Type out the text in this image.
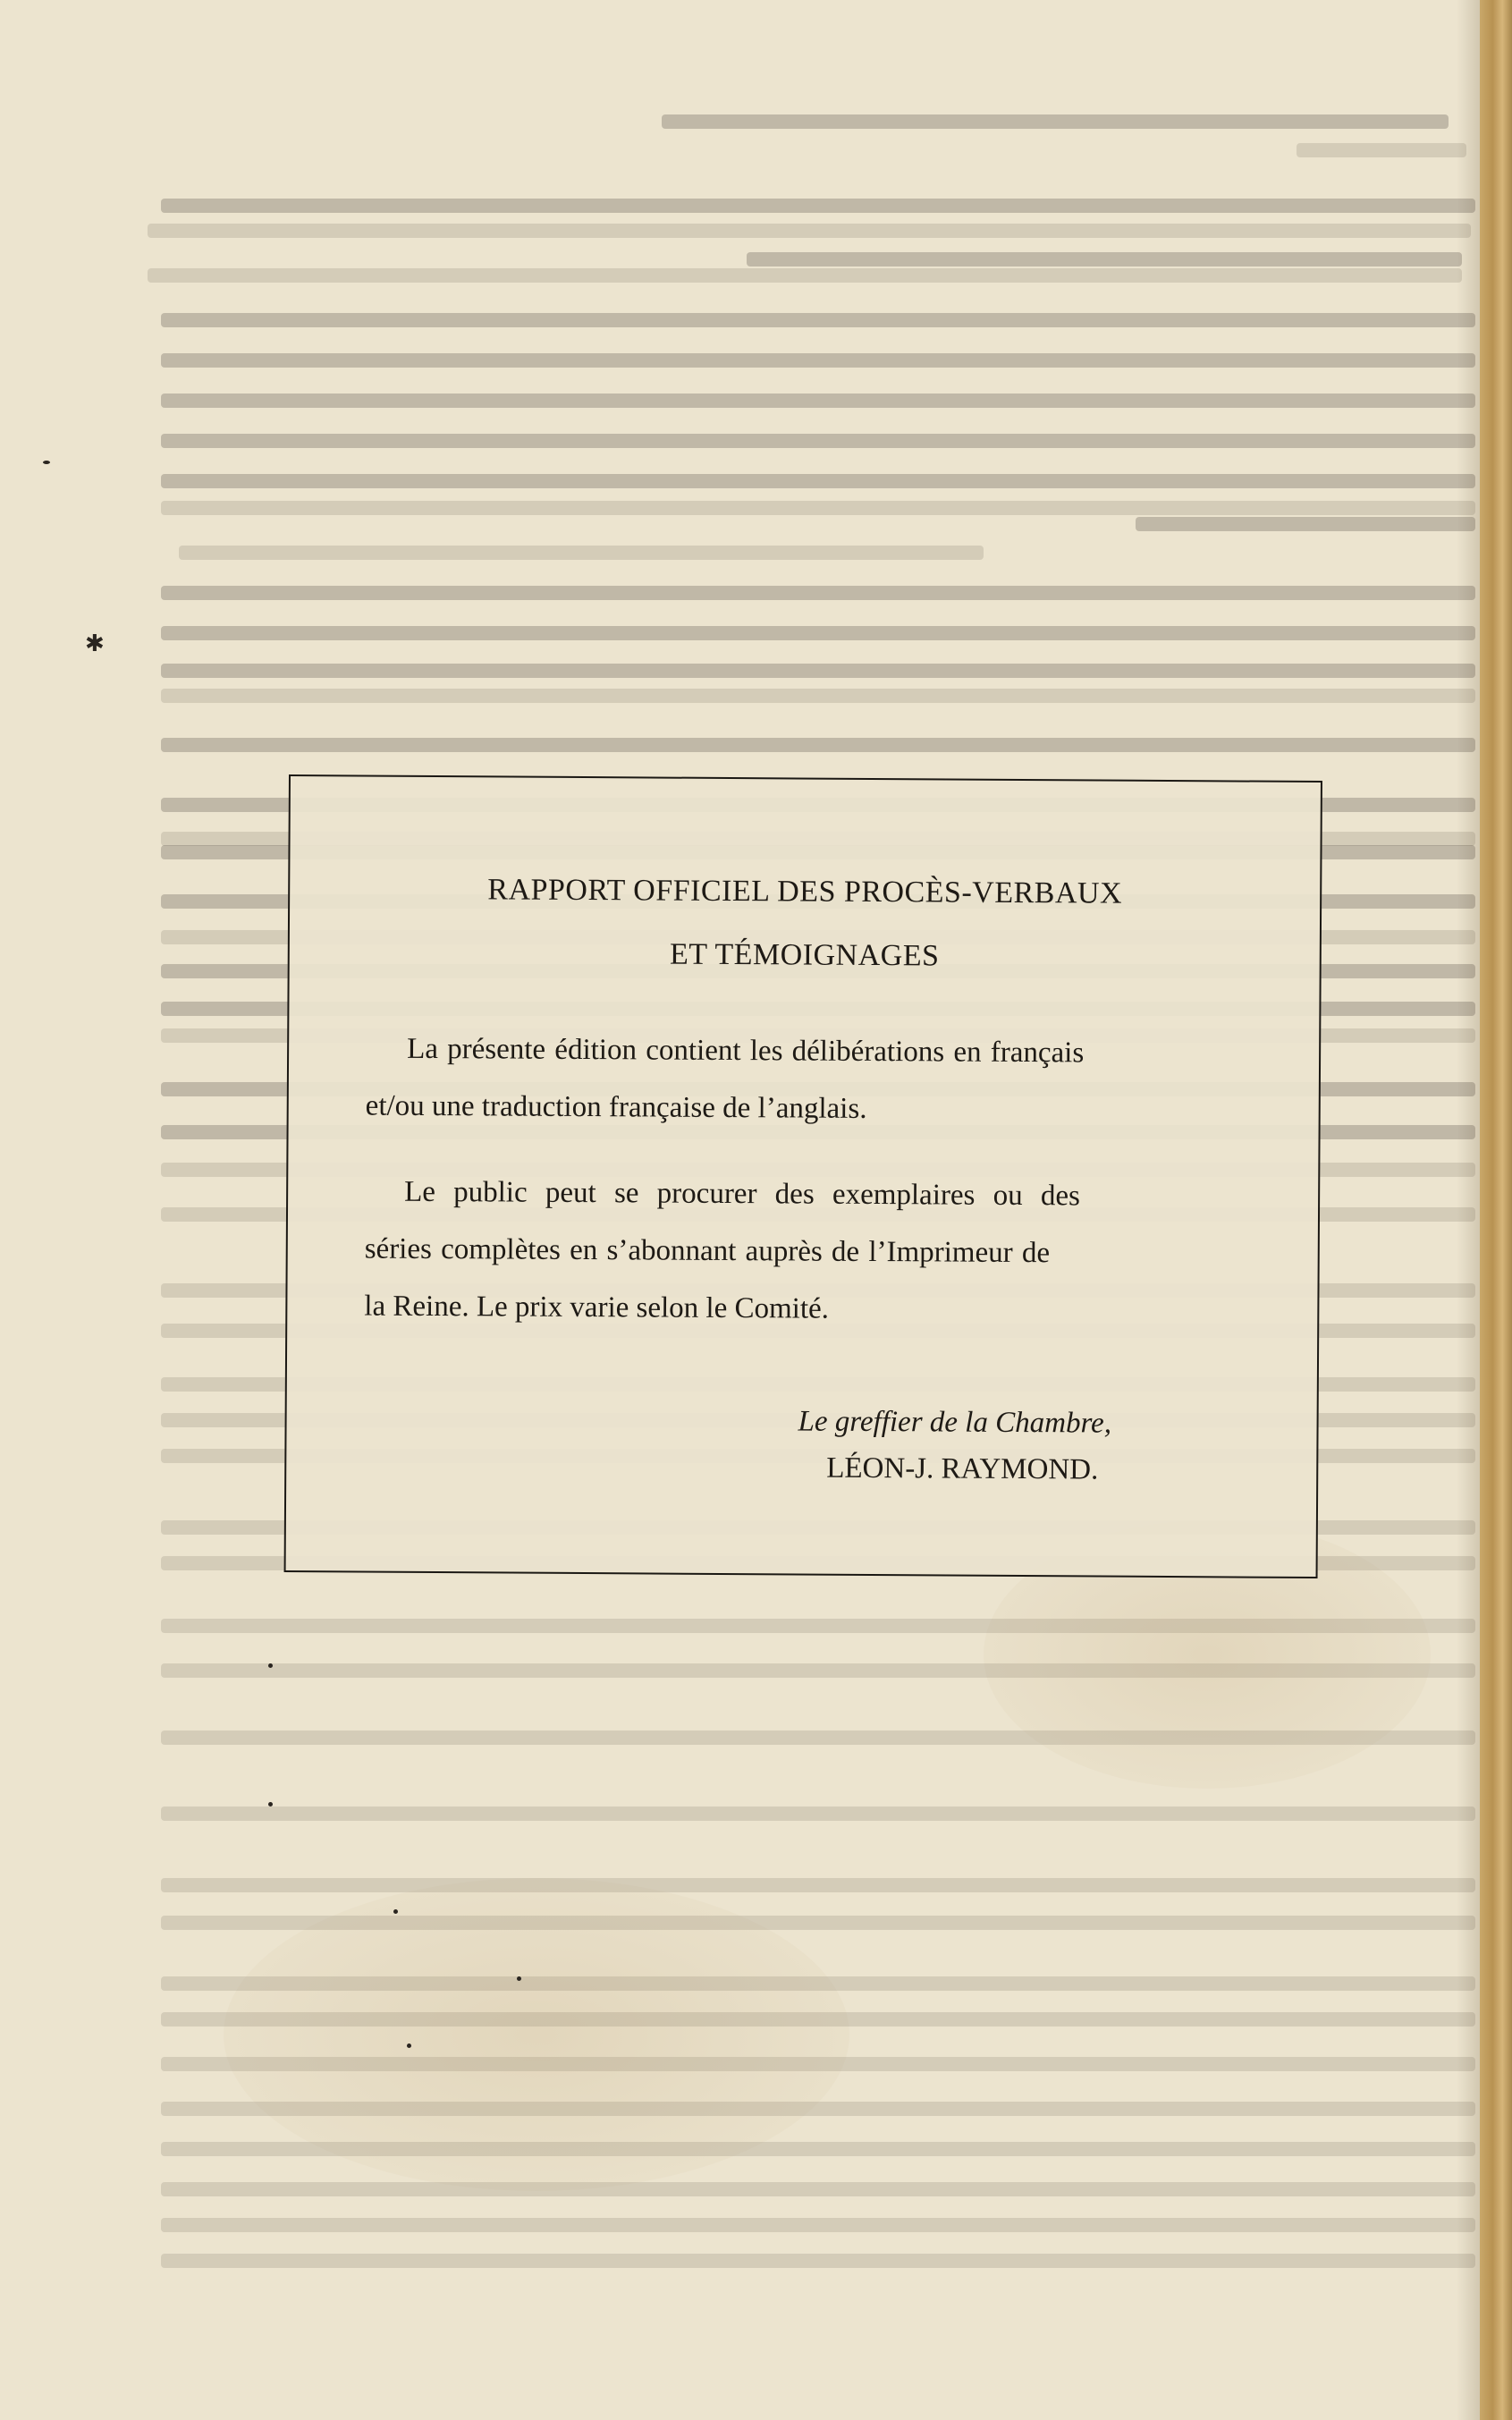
✱
RAPPORT OFFICIEL DES PROCÈS-VERBAUX
ET TÉMOIGNAGES
La présente édition contient les délibérations en français
et/ou une traduction française de l’anglais.
Le public peut se procurer des exemplaires ou des
séries complètes en s’abonnant auprès de l’Imprimeur de
la Reine. Le prix varie selon le Comité.
Le greffier de la Chambre,
LÉON-J. RAYMOND.
